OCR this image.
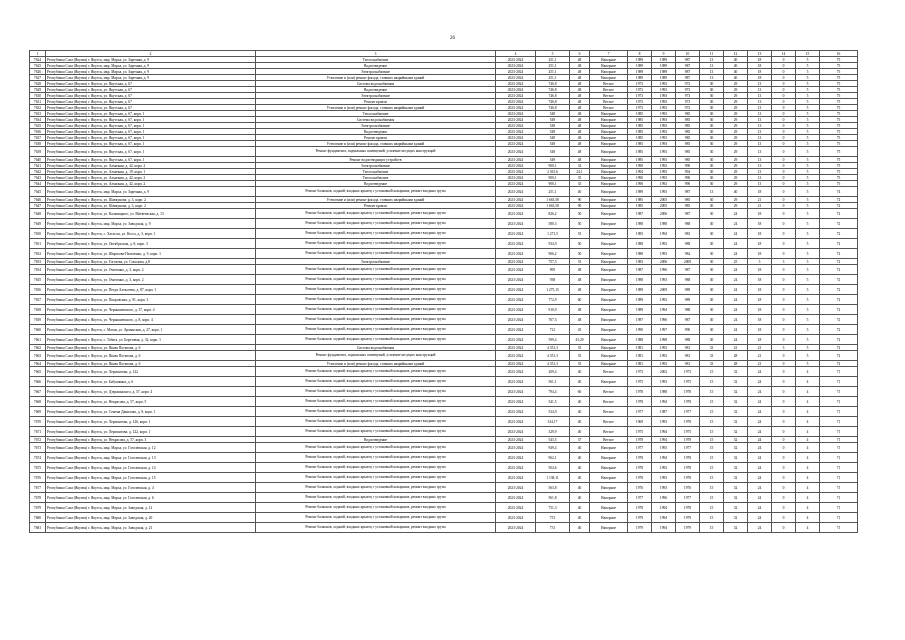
26
1	2	3	4	5	6	7	8	9	10	11	12	13	14	15	16
7624	Республика Саха (Якутия) г. Якутск, мкр. Марха, ул. Заречная, д. 9	Теплоснабжение	2023-2024	251,1	48	Напорное	1989	1989	987	13	40	18	0	5	75
7625	Республика Саха (Якутия) г. Якутск, мкр. Марха, ул. Заречная, д. 9	Водоотведение	2023-2024	251,1	48	Напорное	1989	1989	987	13	40	18	0	5	75
7626	Республика Саха (Якутия) г. Якутск, мкр. Марха, ул. Заречная, д. 9	Электроснабжение	2023-2024	251,1	48	Напорное	1989	1989	987	13	40	18	0	5	75
7627	Республика Саха (Якутия) г. Якутск, мкр. Марха, ул. Заречная, д. 9	Утепление и (или) ремонт фасада, ставших аварийными зданий	2023-2024	251,1	48	Напорное	1989	1989	987	13	40	18	0	5	75
7628	Республика Саха (Якутия) г. Якутск, ул. Якутская, д. 67	Система водоснабжения	2023-2024	746,8	48	Ветхое	1973	1993	973	30	29	13	0	5	75
7629	Республика Саха (Якутия) г. Якутск, ул. Якутская, д. 67	Водоотведение	2023-2024	746,8	48	Ветхое	1973	1993	973	30	29	13	0	5	75
7630	Республика Саха (Якутия) г. Якутск, ул. Якутская, д. 67	Электроснабжение	2023-2024	746,8	48	Ветхое	1973	1993	973	30	29	13	0	5	75
7631	Республика Саха (Якутия) г. Якутск, ул. Якутская, д. 67	Ремонт кровли	2023-2024	746,8	48	Ветхое	1973	1993	973	30	29	13	0	5	75
7632	Республика Саха (Якутия) г. Якутск, ул. Якутская, д. 67	Утепление и (или) ремонт фасада, ставших аварийными зданий	2023-2024	746,8	48	Ветхое	1973	1993	973	30	29	13	0	5	75
7633	Республика Саха (Якутия) г. Якутск, ул. Якутская, д. 67, корп. 1	Теплоснабжение	2023-2024	549	48	Напорное	1985	1993	985	30	29	13	0	5	75
7634	Республика Саха (Якутия) г. Якутск, ул. Якутская, д. 67, корп. 1	Система водоснабжения	2023-2024	549	48	Напорное	1985	1993	985	30	29	13	0	5	75
7635	Республика Саха (Якутия) г. Якутск, ул. Якутская, д. 67, корп. 1	Электроснабжение	2023-2024	549	48	Напорное	1985	1993	985	30	29	13	0	5	75
7636	Республика Саха (Якутия) г. Якутск, ул. Якутская, д. 67, корп. 1	Водоотведение	2023-2024	549	48	Напорное	1985	1993	985	30	29	13	0	5	75
7637	Республика Саха (Якутия) г. Якутск, ул. Якутская, д. 67, корп. 1	Ремонт кровли	2023-2024	549	48	Напорное	1985	1993	985	30	29	13	0	5	75
7638	Республика Саха (Якутия) г. Якутск, ул. Якутская, д. 67, корп. 1	Утепление и (или) ремонт фасада, ставших аварийными зданий	2023-2024	549	48	Напорное	1985	1993	985	30	29	13	0	5	75
7639	Республика Саха (Якутия) г. Якутск, ул. Якутская, д. 67, корп. 1	Ремонт фундамента, подвальных помещений, усиление несущих конструкций	2023-2024	549	48	Напорное	1985	1993	985	30	29	13	0	5	75
7640	Республика Саха (Якутия) г. Якутск, ул. Якутская, д. 67, корп. 1	Ремонт водоотводящих устройств	2023-2024	549	48	Напорное	1985	1993	985	30	29	13	0	5	75
7641	Республика Саха (Якутия) г. Якутск, ул. Алмазная, д. 42, корп. 2	Электроснабжение	2023-2024	900,1	32	Напорное	1990	1992	990	30	29	13	0	5	75
7642	Республика Саха (Якутия) г. Якутск, ул. Алмазная, д. 19, корп. 1	Теплоснабжение	2023-2024	2 361,6	24,1	Напорное	1994	1995	994	30	29	13	0	5	75
7643	Республика Саха (Якутия) г. Якутск, ул. Алмазная, д. 42, корп. 2	Теплоснабжение	2023-2024	900,1	35	Напорное	1990	1993	990	30	29	13	0	5	75
7644	Республика Саха (Якутия) г. Якутск, ул. Алмазная, д. 42, корп. 2	Водоотведение	2023-2024	900,1	35	Напорное	1990	1992	990	30	29	13	0	5	75
7645	Республика Саха (Якутия) г. Якутск, мкр. Марха, ул. Заречная, д. 9	Ремонт балконов, лоджий, входных крылец с установкой козырьков, ремонт входных групп	2023-2024	251,1	40	Напорное	1989	1993	987	13	40	18	0	5	74
7646	Республика Саха (Якутия) г. Якутск, ул. Шавкунова, д. 3, корп. 2	Утепление и (или) ремонт фасада, ставших аварийными зданий	2023-2024	1 663,58	90	Напорное	1985	2005	985	30	29	21	0	5	72
7647	Республика Саха (Якутия) г. Якутск, ул. Шавкунова, д. 3, корп. 2	Ремонт кровли	2023-2024	1 663,58	90	Напорное	1985	2005	985	30	29	21	0	5	72
7648	Республика Саха (Якутия) г. Якутск, ул. Кальвицкого, ул. Матвеевская, д. 13	Ремонт балконов, лоджий, входных крылец с установкой козырьков, ремонт входных групп	2023-2024	826,2	50	Напорное	1987	2006	987	30	24	18	0	5	72
7649	Республика Саха (Якутия) г. Якутск, мкр. Марха, ул. Заводская, д. 9	Ремонт балконов, лоджий, входных крылец с установкой козырьков, ремонт входных групп	2023-2024	580,3	50	Напорное	1988	1988	988	30	24	18	0	5	72
7650	Республика Саха (Якутия) г. Якутск, с. Хатассы, ул. Кесса, д. 3, корп. 1	Ремонт балконов, лоджий, входных крылец с установкой козырьков, ремонт входных групп	2023-2024	1 271,5	53	Напорное	1983	1994	983	30	24	18	0	5	72
7651	Республика Саха (Якутия) г. Якутск, ул. Октябрьская, д. 8, корп. 3	Ремонт балконов, лоджий, входных крылец с установкой козырьков, ремонт входных групп	2023-2024	934,9	50	Напорное	1988	1993	988	30	24	18	0	5	72
7652	Республика Саха (Якутия) г. Якутск, ул. Ширшова-Пальченко, д. 9, корп. 1	Ремонт балконов, лоджий, входных крылец с установкой козырьков, ремонт входных групп	2023-2024	906,2	50	Напорное	1988	1993	984	30	24	18	0	5	72
7653	Республика Саха (Якутия) г. Якутск, ул. Гоголева, ул. Соколова, д.8	Электроснабжение	2023-2024	757,3	53	Напорное	1983	2006	2009	30	25	5	3	5	72
7654	Республика Саха (Якутия) г. Якутск, ул. Очиченко, д. 3, корп. 2	Ремонт балконов, лоджий, входных крылец с установкой козырьков, ремонт входных групп	2023-2024	895	48	Напорное	1987	1996	987	30	24	18	0	5	72
7655	Республика Саха (Якутия) г. Якутск, ул. Очиченко, д. 3, корп. 2	Ремонт балконов, лоджий, входных крылец с установкой козырьков, ремонт входных групп	2023-2024	938	48	Напорное	1988	1993	988	30	24	18	0	5	72
7656	Республика Саха (Якутия) г. Якутск, ул. Петра Алексеева, д. 87, корп. 1	Ремонт балконов, лоджий, входных крылец с установкой козырьков, ремонт входных групп	2023-2024	1 275,15	48	Напорное	1989	2009	989	30	24	18	0	5	72
7657	Республика Саха (Якутия) г. Якутск, ул. Покровская, д. 91, корп. 3	Ремонт балконов, лоджий, входных крылец с установкой козырьков, ремонт входных групп	2023-2024	772,9	60	Напорное	1989	1993	989	30	24	18	0	5	72
7658	Республика Саха (Якутия) г. Якутск, ул. Чернышевского, д. 37, корп. 4	Ремонт балконов, лоджий, входных крылец с установкой козырьков, ремонт входных групп	2023-2024	910,9	48	Напорное	1989	1994	988	30	24	18	0	5	72
7659	Республика Саха (Якутия) г. Якутск, ул. Чернышевского, д. 8, корп. 4	Ремонт балконов, лоджий, входных крылец с установкой козырьков, ремонт входных групп	2023-2024	767,3	48	Напорное	1987	1996	987	30	24	18	0	5	72
7660	Республика Саха (Якутия) г. Якутск, с. Маган, ул. Арчынская, д. 27, корп. 1	Ремонт балконов, лоджий, входных крылец с установкой козырьков, ремонт входных групп	2023-2024	721	45	Напорное	1990	1997	990	30	24	18	0	5	72
7661	Республика Саха (Якутия) г. Якутск, с. Табага, ул. Березовая, д. 32, корп. 1	Ремонт балконов, лоджий, входных крылец с установкой козырьков, ремонт входных групп	2023-2024	599,4	43,29	Напорное	1988	1998	988	30	24	18	0	5	72
7662	Республика Саха (Якутия) г. Якутск, ул. Якова Потапова, д. 6	Система водоснабжения	2023-2024	4 351,3	35	Напорное	1981	1993	981	33	41	21	3	5	72
7663	Республика Саха (Якутия) г. Якутск, ул. Якова Потапова, д. 6	Ремонт фундамента, подвальных помещений, усиление несущих конструкций	2023-2024	4 351,3	35	Напорное	1981	1993	981	33	28	21	0	5	72
7664	Республика Саха (Якутия) г. Якутск, ул. Якова Потапова, д. 6	Утепление и (или) ремонт фасада, ставших аварийными зданий	2023-2024	4 351,3	35	Напорное	1981	1993	981	33	28	21	0	5	72
7665	Республика Саха (Якутия) г. Якутск, ул. Лермонтова, д. 122	Ремонт балконов, лоджий, входных крылец с установкой козырьков, ремонт входных групп	2023-2024	209,4	40	Ветхое	1973	2002	1973	15	32	24	0	4	71
7666	Республика Саха (Якутия) г. Якутск, ул. Бабушкина, д. 6	Ремонт балконов, лоджий, входных крылец с установкой козырьков, ремонт входных групп	2023-2024	561,1	40	Напорное	1975	1993	1975	15	32	24	0	4	71
7667	Республика Саха (Якутия) г. Якутск, ул. Дзержинского, д. 57, корп. 4	Ремонт балконов, лоджий, входных крылец с установкой козырьков, ремонт входных групп	2023-2024	794,4	60	Ветхое	1978	1988	1978	15	32	24	0	4	71
7668	Республика Саха (Якутия) г. Якутск, ул. Некрасова, д. 57, корп. 5	Ремонт балконов, лоджий, входных крылец с установкой козырьков, ремонт входных групп	2023-2024	541,5	40	Ветхое	1978	1994	1978	15	32	24	0	4	71
7669	Республика Саха (Якутия) г. Якутск, ул. Семена Данилова, д. 8, корп. 1	Ремонт балконов, лоджий, входных крылец с установкой козырьков, ремонт входных групп	2023-2024	524,9	40	Ветхое	1977	1987	1977	15	32	24	0	4	71
7670	Республика Саха (Якутия) г. Якутск, ул. Лермонтова, д. 126, корп. 1	Ремонт балконов, лоджий, входных крылец с установкой козырьков, ремонт входных групп	2023-2024	334,17	40	Ветхое	1969	1993	1978	15	32	24	0	4	71
7671	Республика Саха (Якутия) г. Якутск, ул. Лермонтова, д. 122, корп. 1	Ремонт балконов, лоджий, входных крылец с установкой козырьков, ремонт входных групп	2023-2024	329,9	40	Ветхое	1975	1994	1975	15	32	24	0	4	71
7672	Республика Саха (Якутия) г. Якутск, ул. Некрасова, д. 57, корп. 3	Водоотведение	2023-2024	543,5	37	Ветхое	1978	1994	1978	15	32	24	0	4	71
7673	Республика Саха (Якутия) г. Якутск, мкр. Марха, ул. Гоголевская, д. 12	Ремонт балконов, лоджий, входных крылец с установкой козырьков, ремонт входных групп	2023-2024	949,4	40	Напорное	1977	1993	1977	15	32	24	0	4	71
7674	Республика Саха (Якутия) г. Якутск, мкр. Марха, ул. Гоголевская, д. 13	Ремонт балконов, лоджий, входных крылец с установкой козырьков, ремонт входных групп	2023-2024	962,1	40	Напорное	1978	1994	1978	15	32	24	0	4	71
7675	Республика Саха (Якутия) г. Якутск, мкр. Марха, ул. Гоголевская, д. 14	Ремонт балконов, лоджий, входных крылец с установкой козырьков, ремонт входных групп	2023-2024	504,6	40	Напорное	1978	1993	1978	15	32	24	0	4	71
7676	Республика Саха (Якутия) г. Якутск, мкр. Марха, ул. Гоголевская, д. 15	Ремонт балконов, лоджий, входных крылец с установкой козырьков, ремонт входных групп	2023-2024	1 138,11	40	Напорное	1978	1993	1978	15	32	24	0	4	71
7677	Республика Саха (Якутия) г. Якутск, мкр. Марха, ул. Гоголевская, д. 4	Ремонт балконов, лоджий, входных крылец с установкой козырьков, ремонт входных групп	2023-2024	563,8	40	Напорное	1976	1993	1976	15	32	24	0	4	71
7678	Республика Саха (Якутия) г. Якутск, мкр. Марха, ул. Гоголевская, д. 6	Ремонт балконов, лоджий, входных крылец с установкой козырьков, ремонт входных групп	2023-2024	561,8	40	Напорное	1977	1996	1977	15	32	24	0	4	71
7679	Республика Саха (Якутия) г. Якутск, мкр. Марха, ул. Заводская, д. 12	Ремонт балконов, лоджий, входных крылец с установкой козырьков, ремонт входных групп	2023-2024	751,3	40	Напорное	1978	1994	1978	15	32	24	0	4	71
7680	Республика Саха (Якутия) г. Якутск, мкр. Марха, ул. Заводская, д. 20	Ремонт балконов, лоджий, входных крылец с установкой козырьков, ремонт входных групп	2023-2024	751	40	Напорное	1979	1994	1979	15	32	24	0	4	71
7681	Республика Саха (Якутия) г. Якутск, мкр. Марха, ул. Заводская, д. 21	Ремонт балконов, лоджий, входных крылец с установкой козырьков, ремонт входных групп	2023-2024	751	40	Напорное	1979	1994	1979	15	32	24	0	4	71
